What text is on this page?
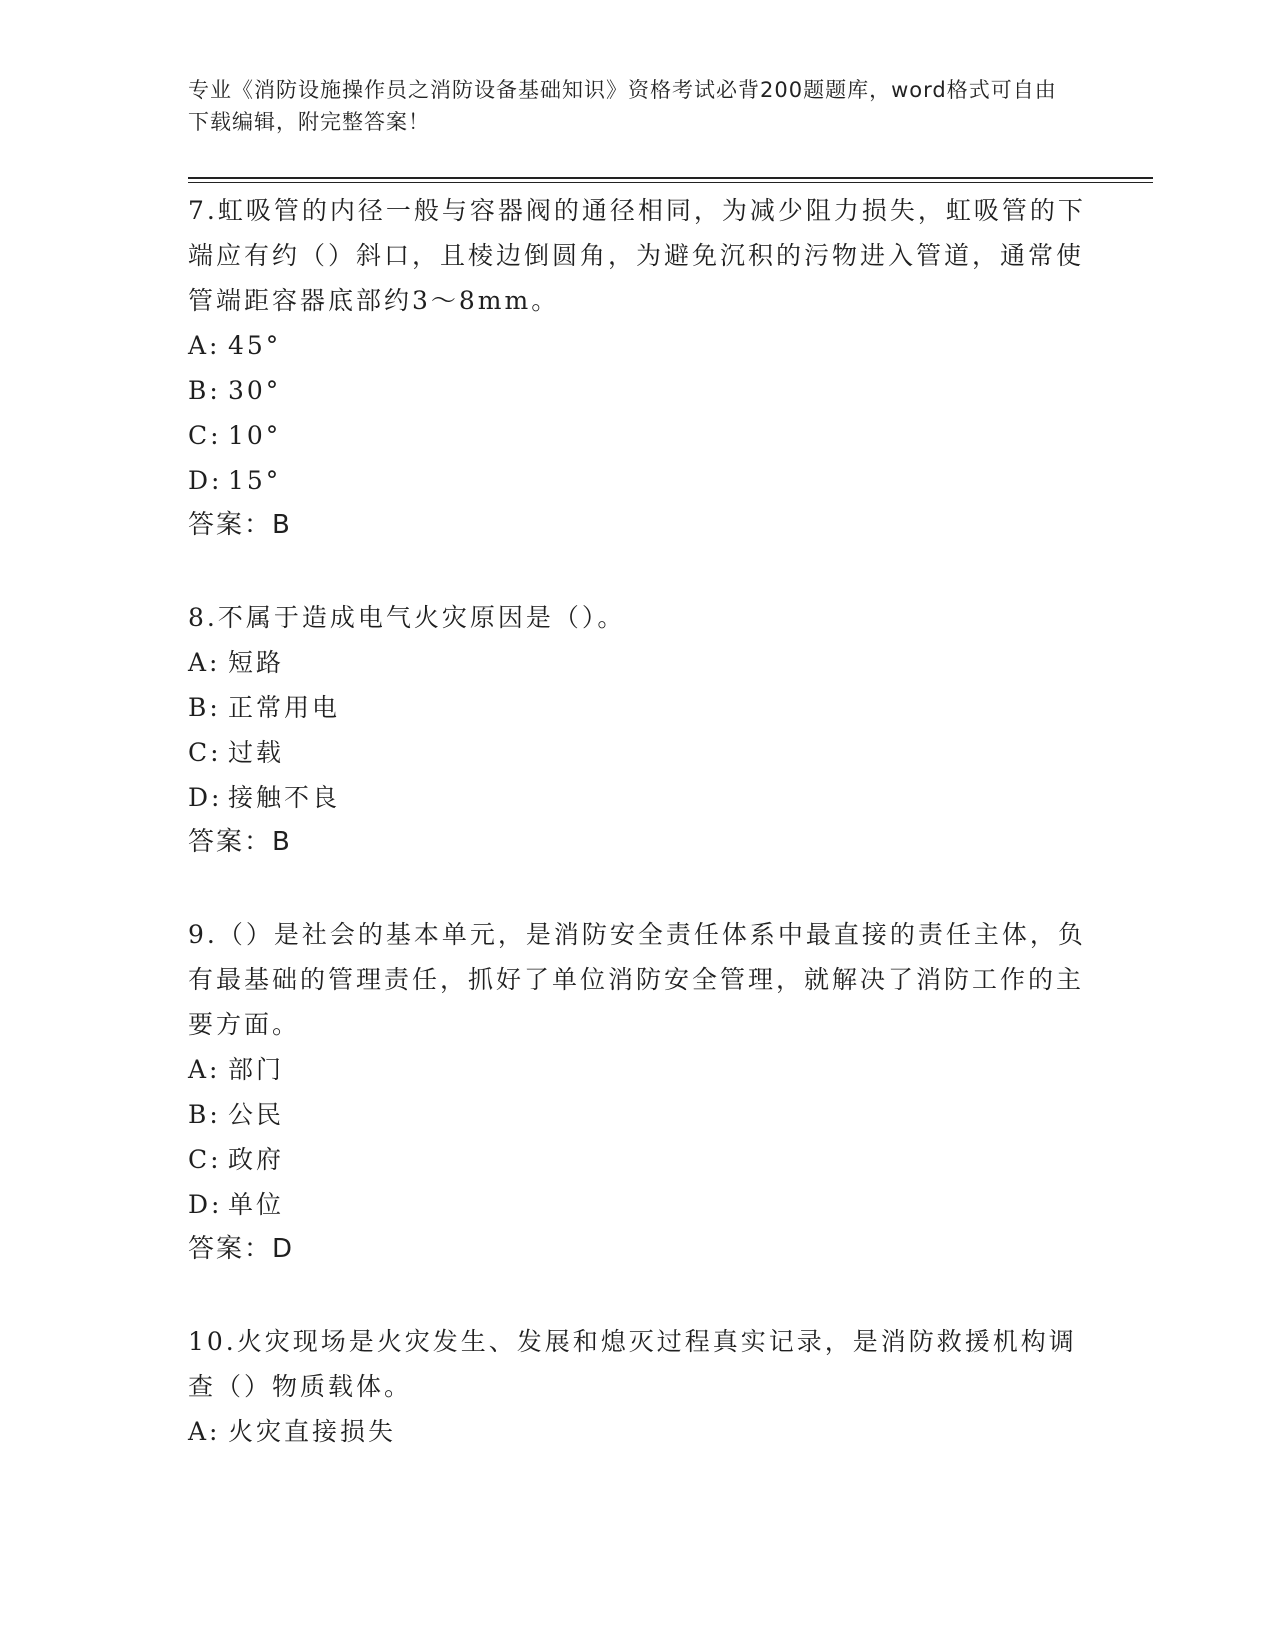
专业《消防设施操作员之消防设备基础知识》资格考试必背200题题库，word格式可自由下载编辑，附完整答案！

7.虹吸管的内径一般与容器阀的通径相同，为减少阻力损失，虹吸管的下端应有约（）斜口，且棱边倒圆角，为避免沉积的污物进入管道，通常使管端距容器底部约3～8mm。

A: 45°

B: 30°

C: 10°

D: 15°

答案：B

8.不属于造成电气火灾原因是（）。

A: 短路

B: 正常用电

C: 过载

D: 接触不良

答案：B

9.（）是社会的基本单元，是消防安全责任体系中最直接的责任主体，负有最基础的管理责任，抓好了单位消防安全管理，就解决了消防工作的主要方面。

A: 部门

B: 公民

C: 政府

D: 单位

答案：D

10.火灾现场是火灾发生、发展和熄灭过程真实记录，是消防救援机构调查（）物质载体。

A: 火灾直接损失
